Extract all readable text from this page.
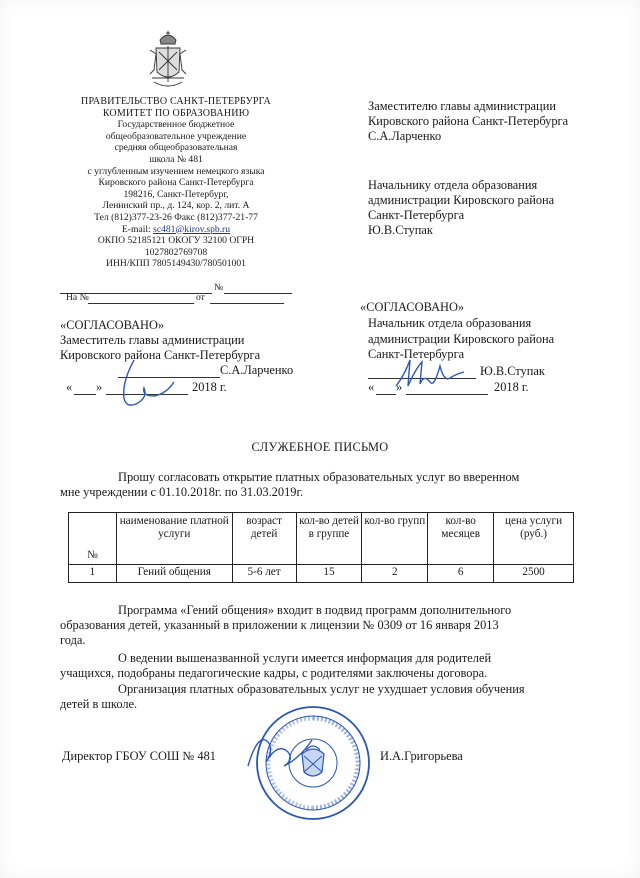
ПРАВИТЕЛЬСТВО САНКТ-ПЕТЕРБУРГА
КОМИТЕТ ПО ОБРАЗОВАНИЮ
Государственное бюджетное
общеобразовательное учреждение
средняя общеобразовательная
школа № 481
с углубленным изучением немецкого языка
Кировского района Санкт-Петербурга
198216, Санкт-Петербург,
Ленинский пр., д. 124, кор. 2, лит. А
Тел (812)377-23-26 Факс (812)377-21-77
E-mail: sc481@kirov.spb.ru
ОКПО 52185121 ОКОГУ 32100 ОГРН
1027802769708
ИНН/КПП 7805149430/780501001
№
На №	от
Заместителю главы администрации
Кировского района Санкт-Петербурга
С.А.Ларченко
Начальнику отдела образования
администрации Кировского района
Санкт-Петербурга
Ю.В.Ступак
«СОГЛАСОВАНО»
Заместитель главы администрации
Кировского района Санкт-Петербурга
С.А.Ларченко
« »	2018 г.
«СОГЛАСОВАНО»
Начальник отдела образования
администрации Кировского района
Санкт-Петербурга
Ю.В.Ступак
« »	2018 г.
СЛУЖЕБНОЕ ПИСЬМО
Прошу согласовать открытие платных образовательных услуг во вверенном
мне учреждении с 01.10.2018г. по 31.03.2019г.
№	наименование платной услуги	возраст детей	кол-во детей в группе	кол-во групп	кол-во месяцев	цена услуги (руб.)
1	Гений общения	5-6 лет	15	2	6	2500
Программа «Гений общения» входит в подвид программ дополнительного
образования детей, указанный в приложении к лицензии № 0309 от 16 января 2013
года.
О ведении вышеназванной услуги имеется информация для родителей
учащихся, подобраны педагогические кадры, с родителями заключены договора.
Организация платных образовательных услуг не ухудшает условия обучения
детей в школе.
Директор ГБОУ СОШ № 481	И.А.Григорьева
